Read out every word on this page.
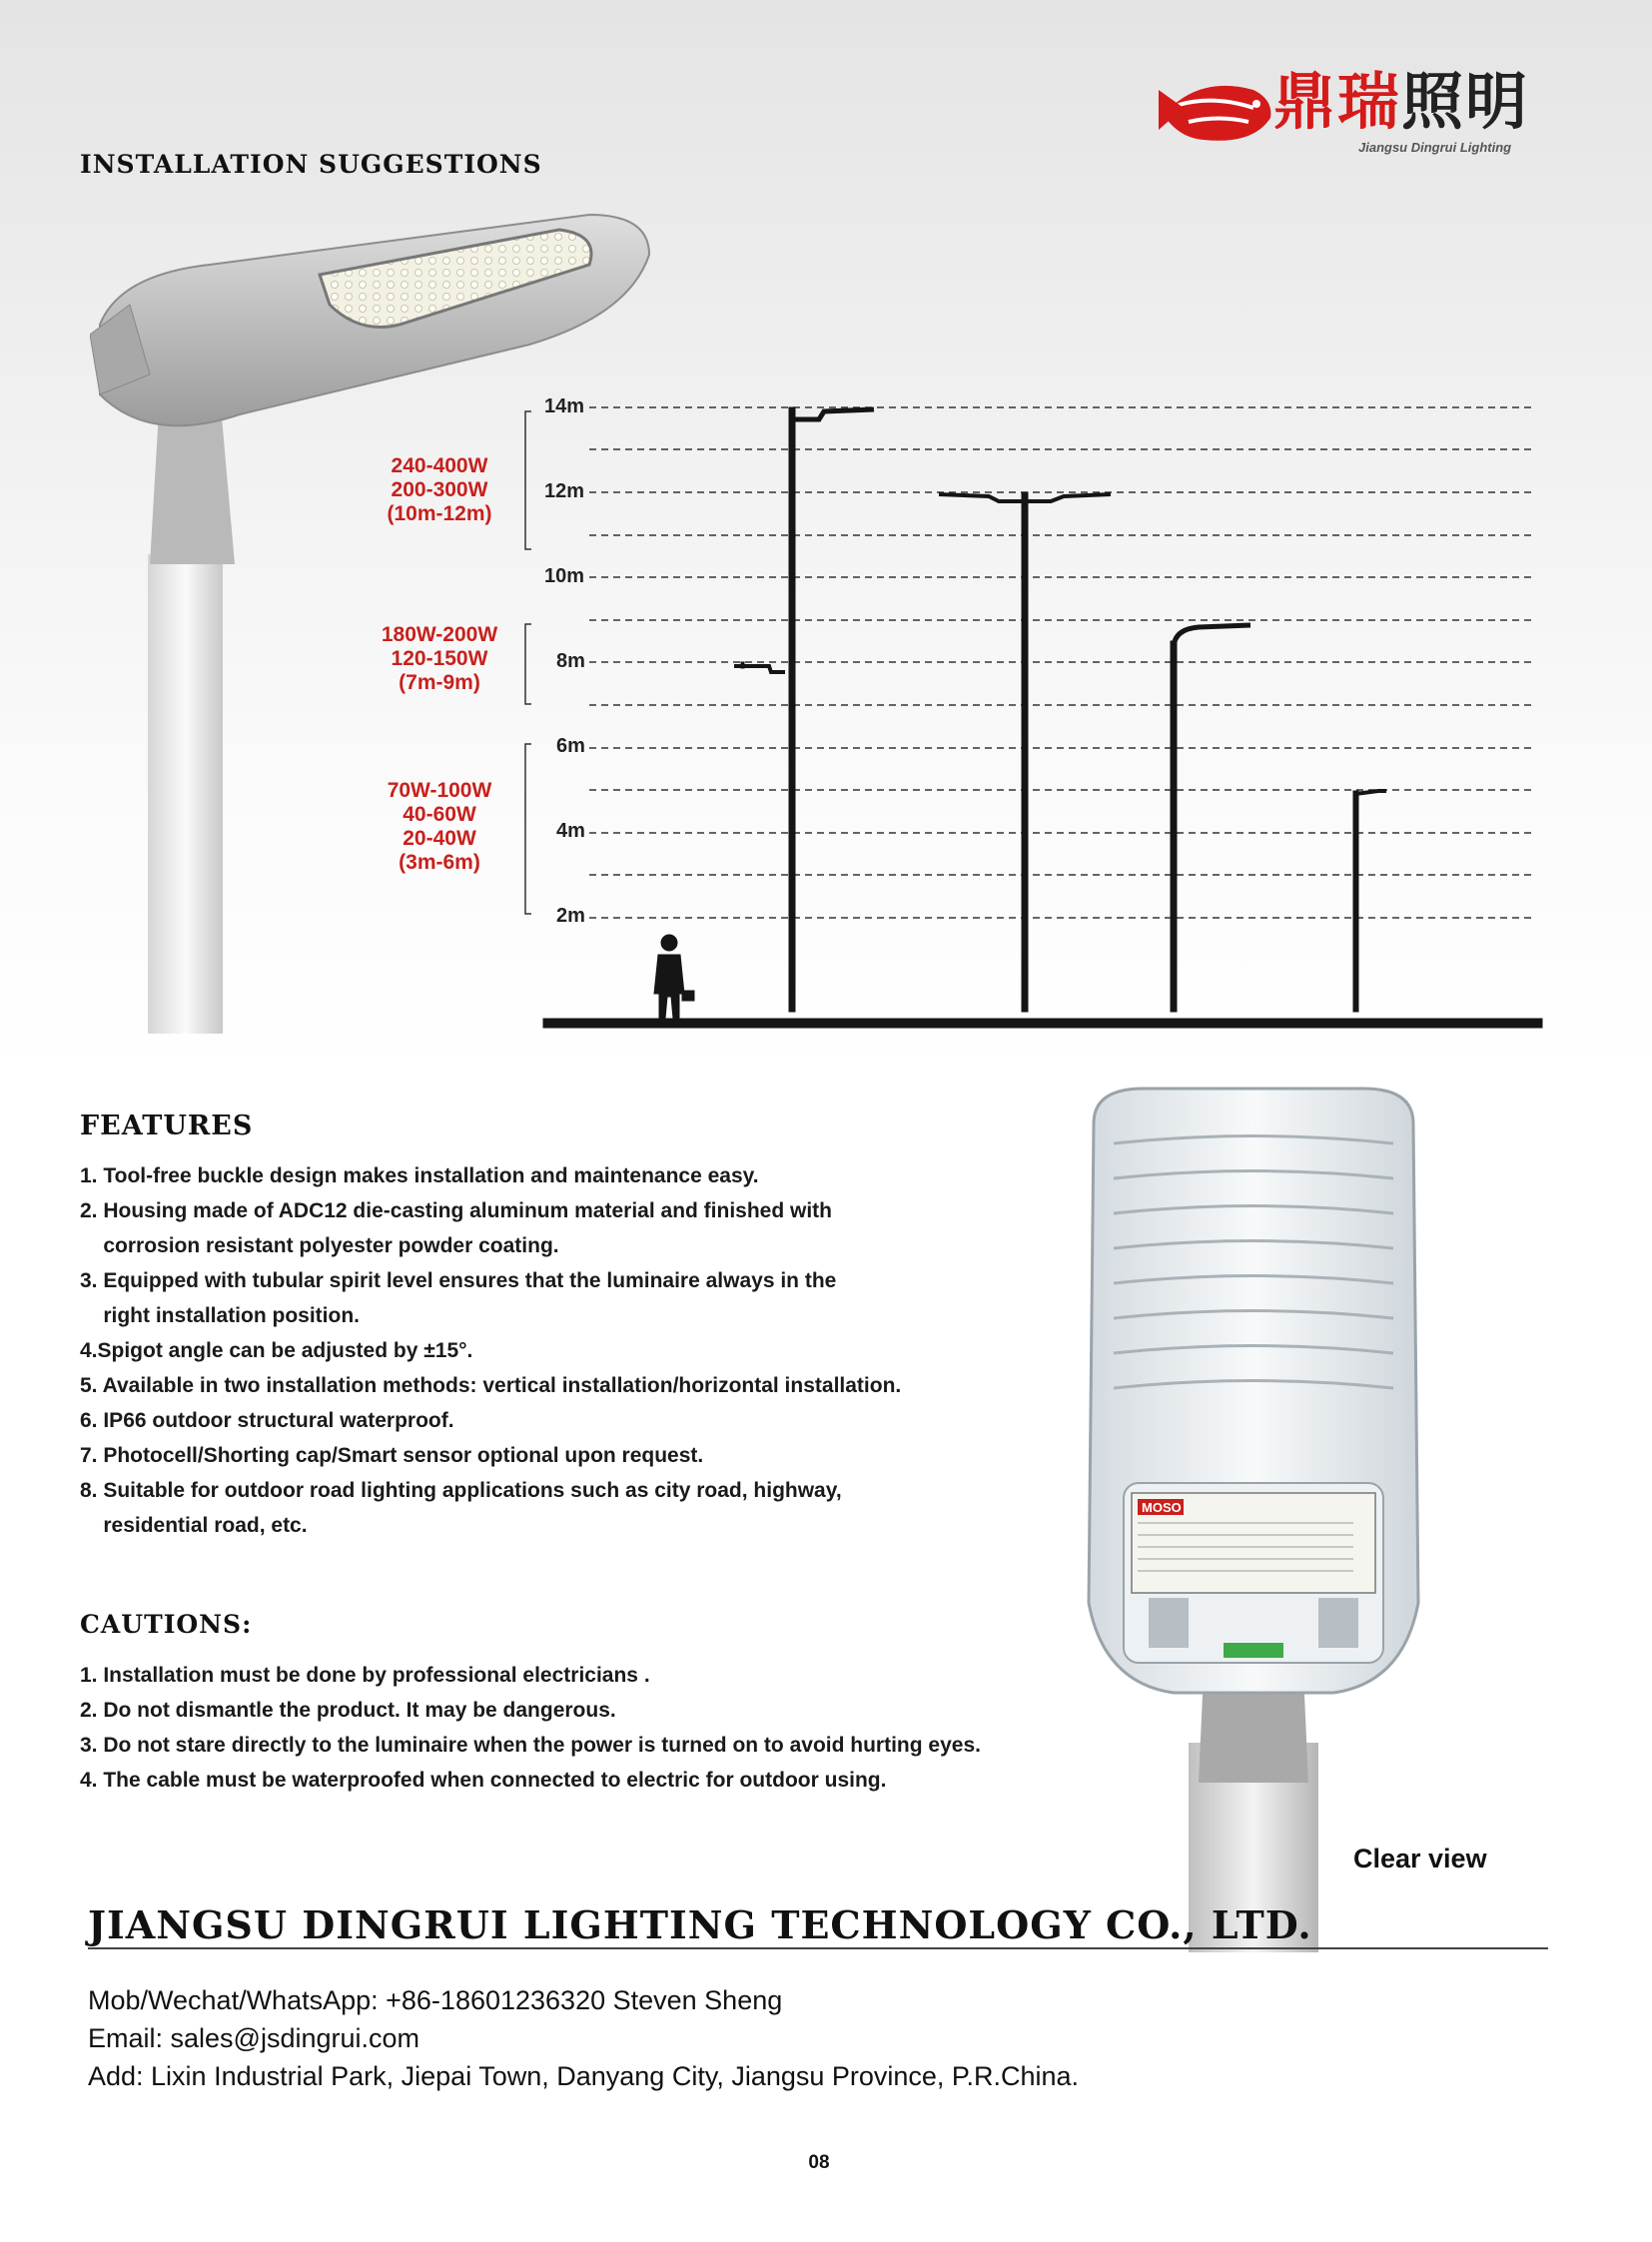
鼎瑞照明
Jiangsu Dingrui Lighting
INSTALLATION SUGGESTIONS
14m
12m
10m
8m
6m
4m
2m
240-400W
200-300W
(10m-12m)
180W-200W
120-150W
(7m-9m)
70W-100W
40-60W
20-40W
(3m-6m)
FEATURES
1. Tool-free buckle design makes installation and maintenance easy.
2. Housing made of ADC12 die-casting aluminum material and finished with
corrosion resistant polyester powder coating.
3. Equipped with tubular spirit level ensures that the luminaire always in the
right installation position.
4.Spigot angle can be adjusted by ±15°.
5. Available in two installation methods: vertical installation/horizontal installation.
6. IP66 outdoor structural waterproof.
7. Photocell/Shorting cap/Smart sensor optional upon request.
8. Suitable for outdoor road lighting applications such as city road, highway,
residential road, etc.
CAUTIONS:
1. Installation must be done by professional electricians .
2. Do not dismantle the product. It may be dangerous.
3. Do not stare directly to the luminaire when the power is turned on to avoid hurting eyes.
4. The cable must be waterproofed when connected to electric for outdoor using.
MOSO
Clear view
JIANGSU DINGRUI LIGHTING TECHNOLOGY CO., LTD.
Mob/Wechat/WhatsApp: +86-18601236320 Steven Sheng
Email: sales@jsdingrui.com
Add: Lixin Industrial Park, Jiepai Town, Danyang City, Jiangsu Province, P.R.China.
08
